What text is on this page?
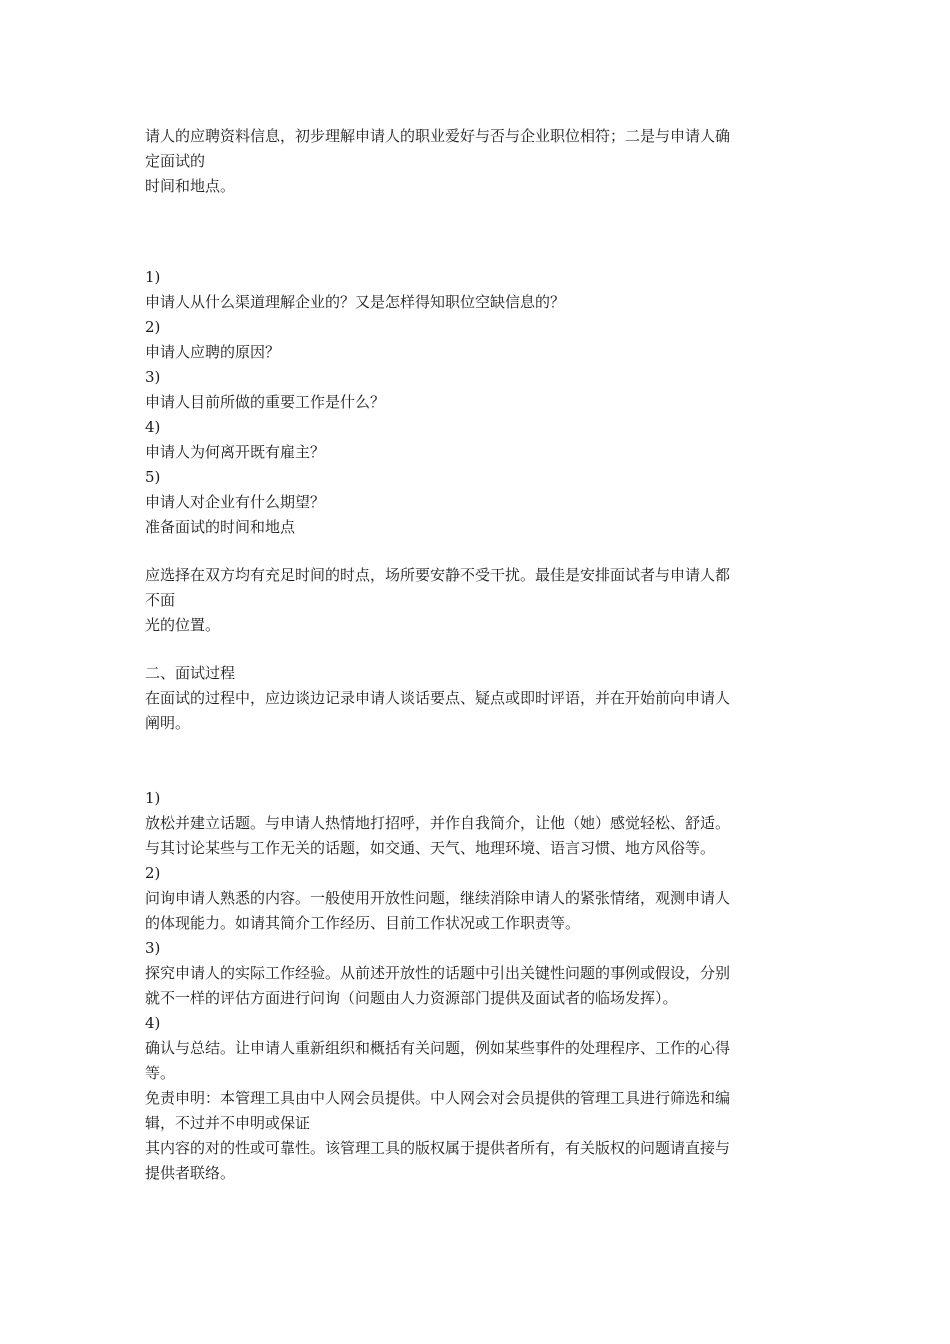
请人的应聘资料信息，初步理解申请人的职业爱好与否与企业职位相符；二是与申请人确
定面试的
时间和地点。
1)
申请人从什么渠道理解企业的？又是怎样得知职位空缺信息的？
2)
申请人应聘的原因？
3)
申请人目前所做的重要工作是什么？
4)
申请人为何离开既有雇主？
5)
申请人对企业有什么期望？
准备面试的时间和地点
应选择在双方均有充足时间的时点，场所要安静不受干扰。最佳是安排面试者与申请人都
不面
光的位置。
二、面试过程
在面试的过程中，应边谈边记录申请人谈话要点、疑点或即时评语，并在开始前向申请人
阐明。
1)
放松并建立话题。与申请人热情地打招呼，并作自我简介，让他（她）感觉轻松、舒适。
与其讨论某些与工作无关的话题，如交通、天气、地理环境、语言习惯、地方风俗等。
2)
问询申请人熟悉的内容。一般使用开放性问题，继续消除申请人的紧张情绪，观测申请人
的体现能力。如请其简介工作经历、目前工作状况或工作职责等。
3)
探究申请人的实际工作经验。从前述开放性的话题中引出关键性问题的事例或假设，分别
就不一样的评估方面进行问询（问题由人力资源部门提供及面试者的临场发挥）。
4)
确认与总结。让申请人重新组织和概括有关问题，例如某些事件的处理程序、工作的心得
等。
免责申明：本管理工具由中人网会员提供。中人网会对会员提供的管理工具进行筛选和编
辑，不过并不申明或保证
其内容的对的性或可靠性。该管理工具的版权属于提供者所有，有关版权的问题请直接与
提供者联络。
